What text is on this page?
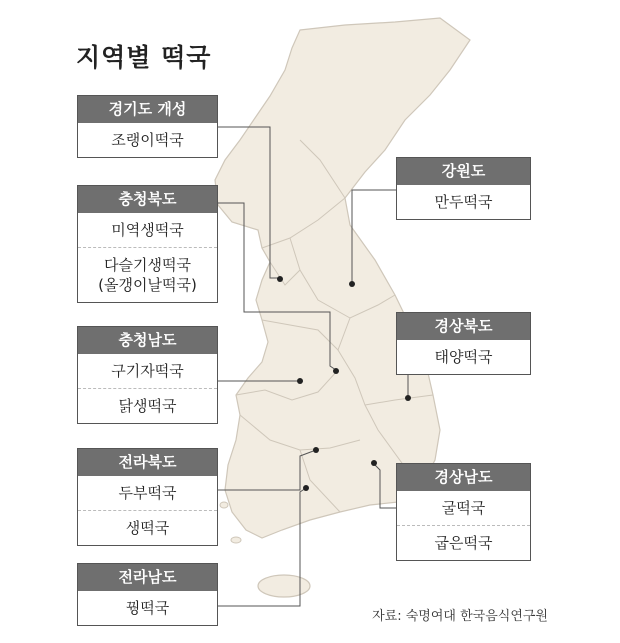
지역별 떡국
경기도 개성
조랭이떡국
충청북도
미역생떡국
다슬기생떡국
(올갱이날떡국)
충청남도
구기자떡국
닭생떡국
전라북도
두부떡국
생떡국
전라남도
꿩떡국
강원도
만두떡국
경상북도
태양떡국
경상남도
굴떡국
굽은떡국
자료: 숙명여대 한국음식연구원
